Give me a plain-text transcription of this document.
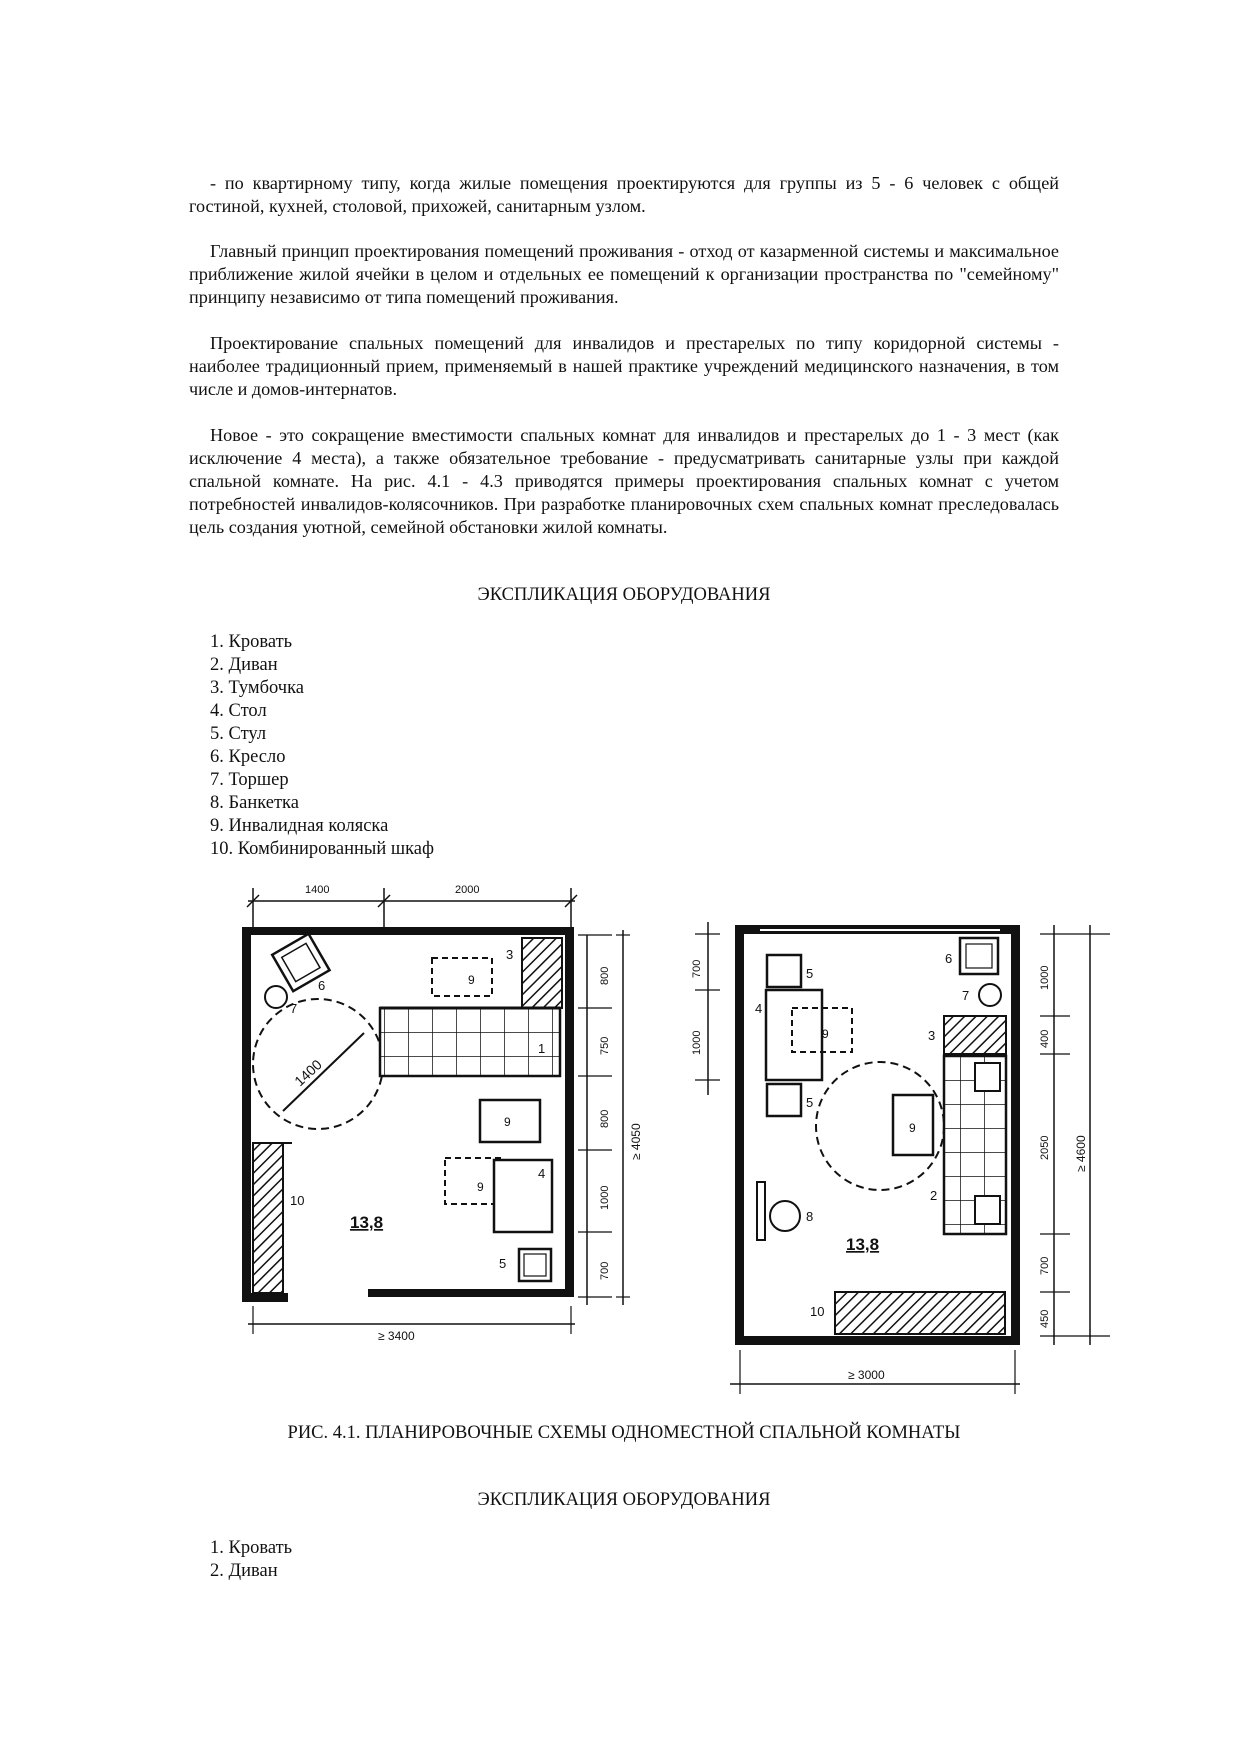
- по квартирному типу, когда жилые помещения проектируются для группы из 5 - 6 человек с общей гостиной, кухней, столовой, прихожей, санитарным узлом.

Главный принцип проектирования помещений проживания - отход от казарменной системы и максимальное приближение жилой ячейки в целом и отдельных ее помещений к организации пространства по "семейному" принципу независимо от типа помещений проживания.

Проектирование спальных помещений для инвалидов и престарелых по типу коридорной системы - наиболее традиционный прием, применяемый в нашей практике учреждений медицинского назначения, в том числе и домов-интернатов.

Новое - это сокращение вместимости спальных комнат для инвалидов и престарелых до 1 - 3 мест (как исключение 4 места), а также обязательное требование - предусматривать санитарные узлы при каждой спальной комнате. На рис. 4.1 - 4.3 приводятся примеры проектирования спальных комнат с учетом потребностей инвалидов-колясочников. При разработке планировочных схем спальных комнат преследовалась цель создания уютной, семейной обстановки жилой комнаты.

ЭКСПЛИКАЦИЯ ОБОРУДОВАНИЯ

1. Кровать
2. Диван
3. Тумбочка
4. Стол
5. Стул
6. Кресло
7. Торшер
8. Банкетка
9. Инвалидная коляска
10. Комбинированный шкаф
1400	2000
800
750
800
1000
700
≥ 4050
≥ 3400
1400
13,8
1
3
4
5
6
7
9
9
9
10
700
1000
1000
400
2050
700
450
≥ 4600
≥ 3000
13,8
2
3
4
5
5
6
7
8
9
9
10

РИС. 4.1. ПЛАНИРОВОЧНЫЕ СХЕМЫ ОДНОМЕСТНОЙ СПАЛЬНОЙ КОМНАТЫ

ЭКСПЛИКАЦИЯ ОБОРУДОВАНИЯ

1. Кровать
2. Диван
